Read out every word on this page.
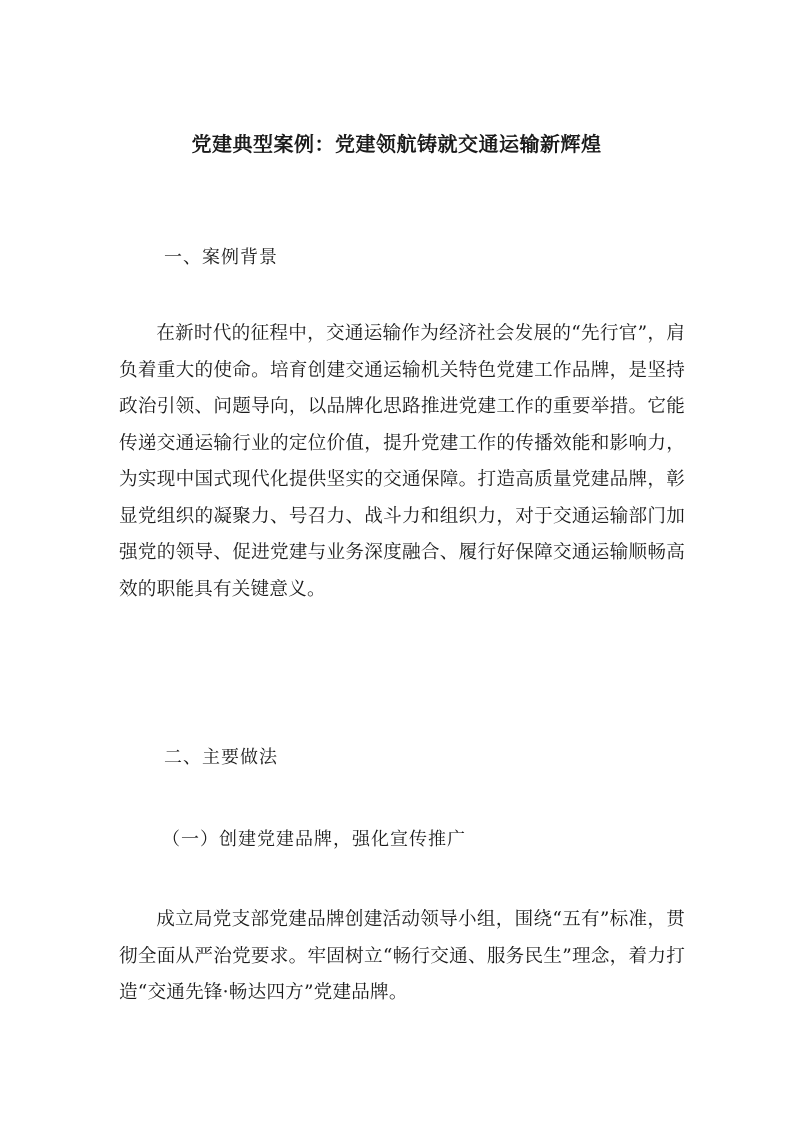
党建典型案例：党建领航铸就交通运输新辉煌
一、案例背景

在新时代的征程中，交通运输作为经济社会发展的“先行官”，肩负着重大的使命。培育创建交通运输机关特色党建工作品牌，是坚持政治引领、问题导向，以品牌化思路推进党建工作的重要举措。它能传递交通运输行业的定位价值，提升党建工作的传播效能和影响力，为实现中国式现代化提供坚实的交通保障。打造高质量党建品牌，彰显党组织的凝聚力、号召力、战斗力和组织力，对于交通运输部门加强党的领导、促进党建与业务深度融合、履行好保障交通运输顺畅高效的职能具有关键意义。

二、主要做法
（一）创建党建品牌，强化宣传推广

成立局党支部党建品牌创建活动领导小组，围绕“五有”标准，贯彻全面从严治党要求。牢固树立“畅行交通、服务民生”理念，着力打造“交通先锋·畅达四方”党建品牌。
